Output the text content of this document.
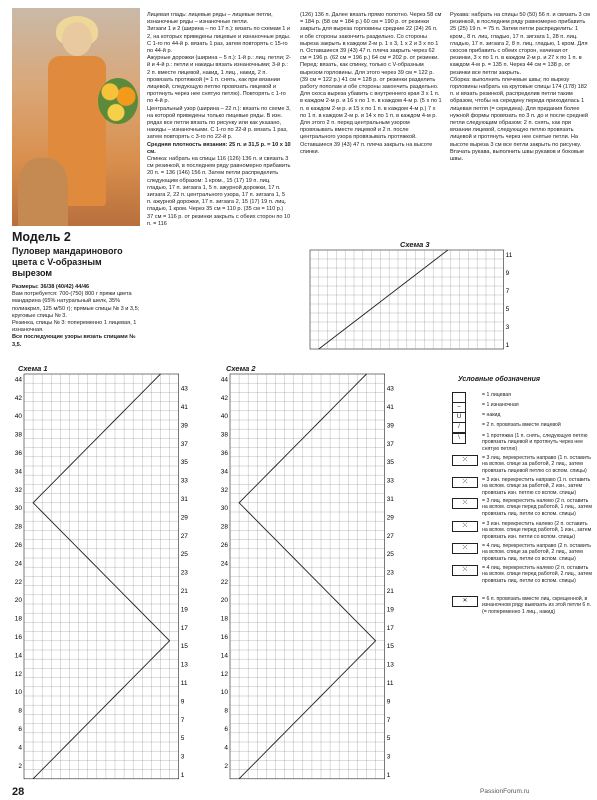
Модель 2
Пуловер мандаринового цвета с V-образным вырезом
Размеры: 36/38 (40/42) 44/46
Вам потребуется: 700-(750) 800 г пряжи цвета мандарина (65% натуральный шелк, 35% полиакрил, 125 м/50 г); прямые спицы № 3 и 3,5; круговые спицы № 3.
Резинка, спицы № 3: попеременно 1 лицевая, 1 изнаночная.
Все последующие узоры вязать спицами № 3,5.
Лицевая гладь: лицевые ряды – лицевые петли, изнаночные ряды – изнаночные петли.
Зигзаги 1 и 2 (ширина – по 17 п.): вязать по схемам 1 и 2, на которых приведены лицевые и изнаночные ряды. С 1-го по 44-й р. вязать 1 раз, затем повторять с 15-го по 44-й р.
Ажурные дорожки (ширина – 5 п.): 1-й р.: лиц. петли; 2-й и 4-й р.: петли и накиды вязать изнаночными; 3-й р.: 2 п. вместе лицевой, накид, 1 лиц., накид, 2 п. провязать протяжкой (= 1 п. снять, как при вязании лицевой, следующую петлю провязать лицевой и протянуть через нее снятую петлю). Повторять с 1-го по 4-й р.
Центральный узор (ширина – 22 п.): вязать по схеме 3, на которой приведены только лицевые ряды. В изн. рядах все петли вязать по рисунку или как указано, накиды – изнаночными. С 1-го по 22-й р. вязать 1 раз, затем повторять с 3-го по 22-й р.
Средняя плотность вязания: 25 п. и 31,5 р. = 10 х 10 см.
Спинка: набрать на спицы 116 (126) 136 п. и связать 3 см резинкой, в последнем ряду равномерно прибавить 20 п. = 136 (146) 156 п. Затем петли распределить следующим образом: 1 кром., 15 (17) 19 п. лиц. гладью, 17 п. зигзага 1, 5 п. ажурной дорожки, 17 п. зигзага 2, 22 п. центрального узора, 17 п. зигзага 1, 5 п. ажурной дорожки, 17 п. зигзага 2, 15 (17) 19 п. лиц. гладью, 1 кром. Через 35 см = 110 р. (35 см = 110 р.) 37 см = 116 р. от резинки закрыть с обеих сторон по 10 п. = 116
(126) 136 п. Далее вязать прямо полотно. Через 58 см = 184 р. (58 см = 184 р.) 60 см = 190 р. от резинки закрыть для выреза горловины средние 22 (24) 26 п. и обе стороны закончить раздельно. Со стороны выреза закрыть в каждом 2-м р. 1 х 3, 1 х 2 и 3 х по 1 п. Оставшиеся 39 (43) 47 п. плеча закрыть через 62 см = 196 р. (62 см = 196 р.) 64 см = 202 р. от резинки.
Перед: вязать, как спинку, только с V-образным вырезом горловины. Для этого через 39 см = 122 р. (39 см = 122 р.) 41 см = 128 р. от резинки разделить работу пополам и обе стороны закончить раздельно. Для скоса выреза убавить с внутреннего края 3 х 1 п. в каждом 2-м р. и 16 х по 1 п. в каждом 4-м р. (5 х по 1 п. в каждом 2-м р. и 15 х по 1 п. в каждом 4-м р.) 7 х по 1 п. в каждом 2-м р. и 14 х по 1 п. в каждом 4-м р. Для этого 2 п. перед центральным узором провязывать вместе лицевой и 2 п. после центрального узора провязывать протяжкой. Оставшиеся 39 (43) 47 п. плеча закрыть на высоте спинки.
Рукава: набрать на спицы 50 (50) 56 п. и связать 3 см резинкой, в последнем ряду равномерно прибавить 25 (25) 19 п. = 75 п. Затем петли распределить: 1 кром., 8 п. лиц. гладью, 17 п. зигзага 1, 28 п. лиц. гладью, 17 п. зигзага 2, 8 п. лиц. гладью, 1 кром. Для скосов прибавить с обеих сторон, начиная от резинки, 3 х по 1 п. в каждом 2-м р. и 27 х по 1 п. в каждом 4-м р. = 135 п. Через 44 см = 138 р. от резинки все петли закрыть.
Сборка: выполнить плечевые швы; по вырезу горловины набрать на круговые спицы 174 (178) 182 п. и вязать резинкой, распределив петли таким образом, чтобы на середину переда приходилась 1 лицевая петля (= середина). Для придания более нужной формы провязать по 3 п. до и после средней петли следующим образом: 2 п. снять, как при вязании лицевой, следующую петлю провязать лицевой и протянуть через нее снятые петли. На высоте выреза 3 см все петли закрыть по рисунку. Втачать рукава, выполнить швы рукавов и боковые швы.
Схема 3
11
9
7
5
3
1
Схема 1
44
43
42
41
40
39
38
37
36
35
34
33
32
31
30
29
28
27
26
25
24
23
22
21
20
19
18
17
16
15
14
13
12
11
10
9
8
7
6
5
4
3
2
1
Схема 2
44
43
42
41
40
39
38
37
36
35
34
33
32
31
30
29
28
27
26
25
24
23
22
21
20
19
18
17
16
15
14
13
12
11
10
9
8
7
6
5
4
3
2
1
Условные обозначения
= 1 лицевая
–	= 1 изнаночная
U	= накид
/	= 2 п. провязать вместе лицевой
\	= 1 протяжка (1 п. снять, следующую петлю провязать лицевой и протянуть через нее снятую петлю)
⤫	= 3 лиц. перекрестить направо (1 п. оставить на вспом. спице за работой, 2 лиц., затем провязать лицевой петлю со вспом. спицы)
⤫	= 3 изн. перекрестить направо (1 п. оставить на вспом. спице за работой, 2 изн., затем провязать изн. петлю со вспом. спицы)
⤬	= 3 лиц. перекрестить налево (2 п. оставить на вспом. спице перед работой, 1 лиц., затем провязать лиц. петли со вспом. спицы)
⤬	= 3 изн. перекрестить налево (2 п. оставить на вспом. спице перед работой, 1 изн., затем провязать изн. петли со вспом. спицы)
⤫	= 4 лиц. перекрестить направо (2 п. оставить на вспом. спице за работой, 2 лиц., затем провязать лиц. петли со вспом. спицы)
⤬	= 4 лиц. перекрестить налево (2 п. оставить на вспом. спице перед работой, 2 лиц., затем провязать лиц. петли со вспом. спицы)
✕	= 6 п. провязать вместе лиц. скрещенной, в изнаночном ряду вывязать из этой петли 6 п. (= попеременно 1 лиц., накид)
28	PassionForum.ru
